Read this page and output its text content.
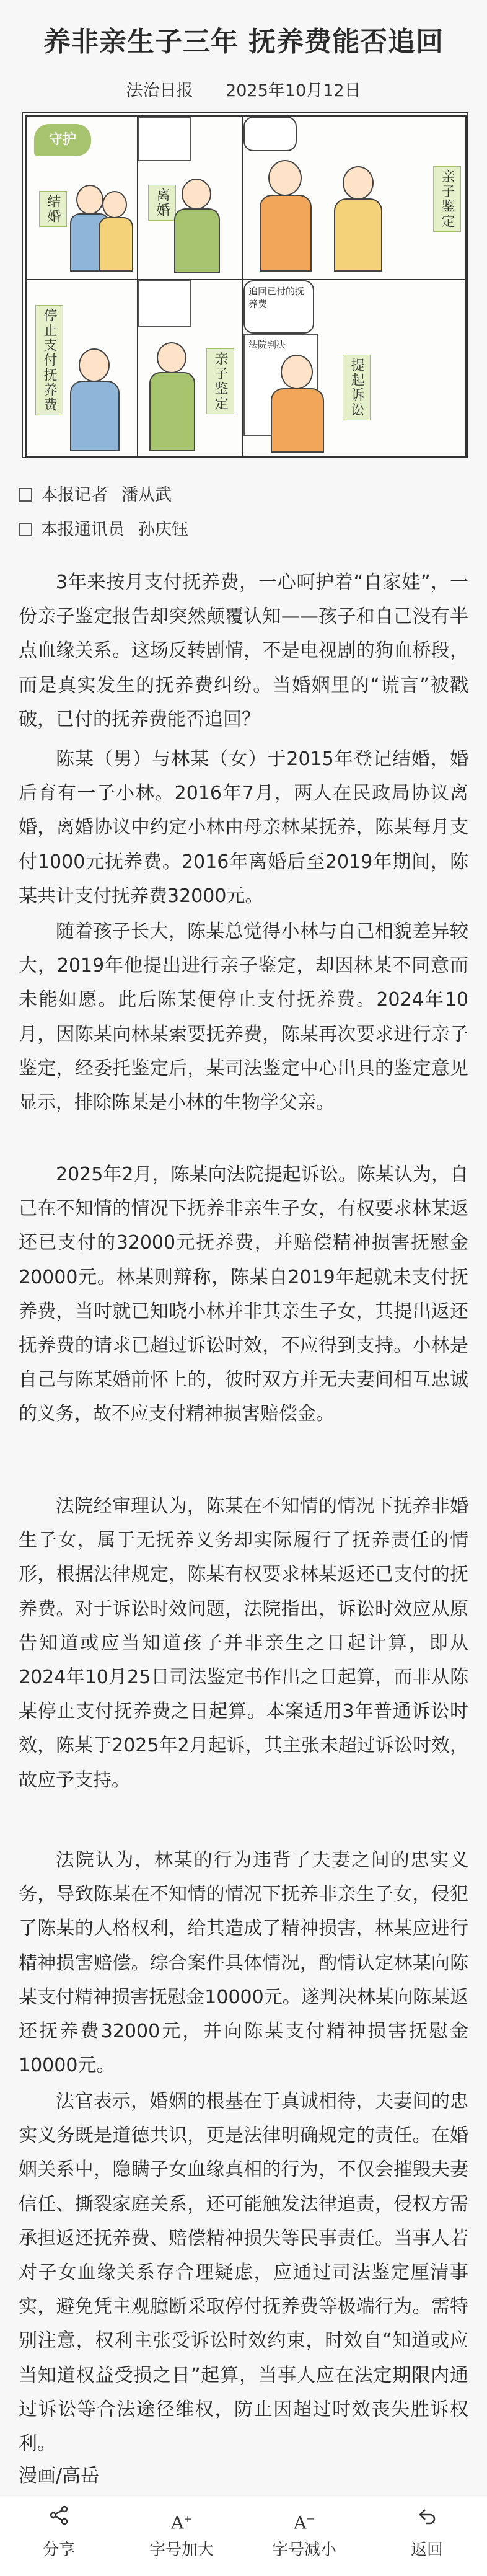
养非亲生子三年 抚养费能否追回
法治日报 2025年10月12日
守护
结婚	离婚	亲子鉴定
停止支付抚养费	亲子鉴定
追回已付的抚养费
提起诉讼
法院判决
本报记者 潘从武
本报通讯员 孙庆钰

3年来按月支付抚养费，一心呵护着“自家娃”，一份亲子鉴定报告却突然颠覆认知——孩子和自己没有半点血缘关系。这场反转剧情，不是电视剧的狗血桥段，而是真实发生的抚养费纠纷。当婚姻里的“谎言”被戳破，已付的抚养费能否追回？

陈某（男）与林某（女）于2015年登记结婚，婚后育有一子小林。2016年7月，两人在民政局协议离婚，离婚协议中约定小林由母亲林某抚养，陈某每月支付1000元抚养费。2016年离婚后至2019年期间，陈某共计支付抚养费32000元。

随着孩子长大，陈某总觉得小林与自己相貌差异较大，2019年他提出进行亲子鉴定，却因林某不同意而未能如愿。此后陈某便停止支付抚养费。2024年10月，因陈某向林某索要抚养费，陈某再次要求进行亲子鉴定，经委托鉴定后，某司法鉴定中心出具的鉴定意见显示，排除陈某是小林的生物学父亲。

2025年2月，陈某向法院提起诉讼。陈某认为，自己在不知情的情况下抚养非亲生子女，有权要求林某返还已支付的32000元抚养费，并赔偿精神损害抚慰金20000元。林某则辩称，陈某自2019年起就未支付抚养费，当时就已知晓小林并非其亲生子女，其提出返还抚养费的请求已超过诉讼时效，不应得到支持。小林是自己与陈某婚前怀上的，彼时双方并无夫妻间相互忠诚的义务，故不应支付精神损害赔偿金。

法院经审理认为，陈某在不知情的情况下抚养非婚生子女，属于无抚养义务却实际履行了抚养责任的情形，根据法律规定，陈某有权要求林某返还已支付的抚养费。对于诉讼时效问题，法院指出，诉讼时效应从原告知道或应当知道孩子并非亲生之日起计算，即从2024年10月25日司法鉴定书作出之日起算，而非从陈某停止支付抚养费之日起算。本案适用3年普通诉讼时效，陈某于2025年2月起诉，其主张未超过诉讼时效，故应予支持。

法院认为，林某的行为违背了夫妻之间的忠实义务，导致陈某在不知情的情况下抚养非亲生子女，侵犯了陈某的人格权利，给其造成了精神损害，林某应进行精神损害赔偿。综合案件具体情况，酌情认定林某向陈某支付精神损害抚慰金10000元。遂判决林某向陈某返还抚养费32000元，并向陈某支付精神损害抚慰金10000元。

法官表示，婚姻的根基在于真诚相待，夫妻间的忠实义务既是道德共识，更是法律明确规定的责任。在婚姻关系中，隐瞒子女血缘真相的行为，不仅会摧毁夫妻信任、撕裂家庭关系，还可能触发法律追责，侵权方需承担返还抚养费、赔偿精神损失等民事责任。当事人若对子女血缘关系存合理疑虑，应通过司法鉴定厘清事实，避免凭主观臆断采取停付抚养费等极端行为。需特别注意，权利主张受诉讼时效约束，时效自“知道或应当知道权益受损之日”起算，当事人应在法定期限内通过诉讼等合法途径维权，防止因超过时效丧失胜诉权利。

漫画/高岳
分享
A+
字号加大
A−
字号减小	返回
